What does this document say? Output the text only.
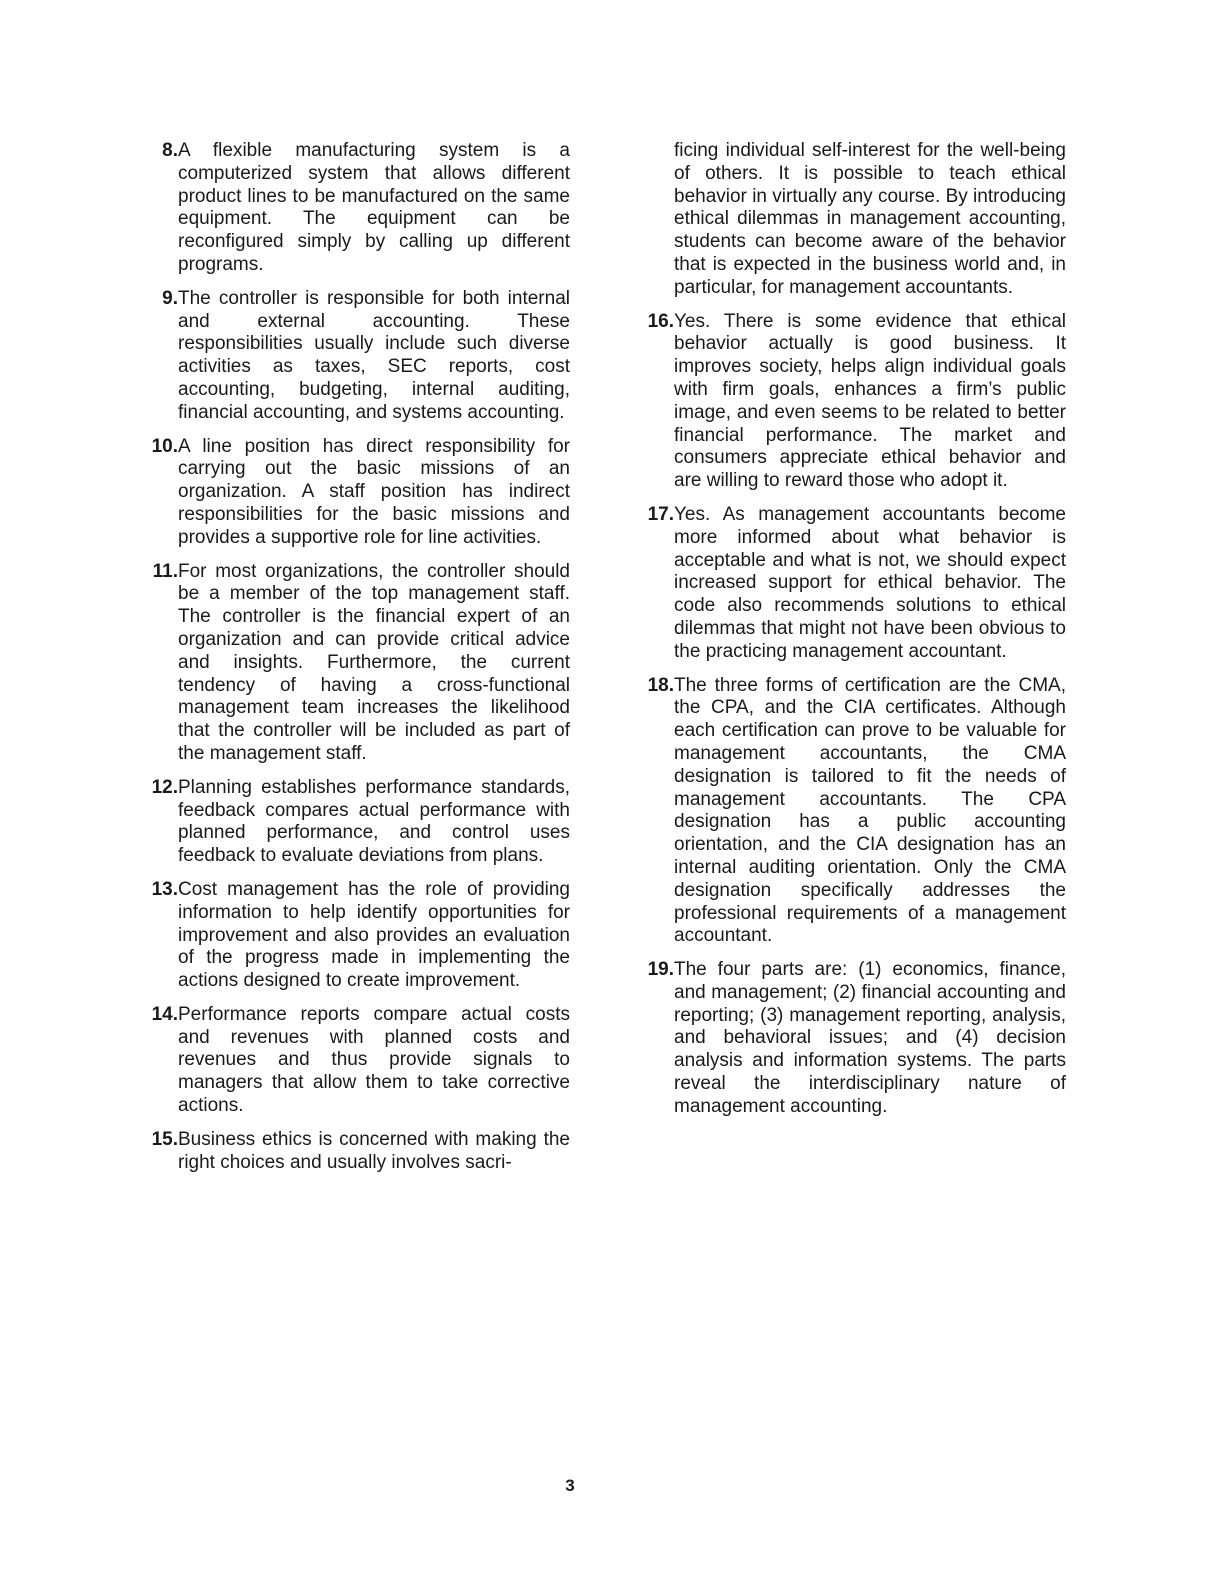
8. A flexible manufacturing system is a computerized system that allows different product lines to be manufactured on the same equipment. The equipment can be reconfigured simply by calling up different programs.
9. The controller is responsible for both internal and external accounting. These responsibilities usually include such diverse activities as taxes, SEC reports, cost accounting, budgeting, internal auditing, financial accounting, and systems accounting.
10. A line position has direct responsibility for carrying out the basic missions of an organization. A staff position has indirect responsibilities for the basic missions and provides a supportive role for line activities.
11. For most organizations, the controller should be a member of the top management staff. The controller is the financial expert of an organization and can provide critical advice and insights. Furthermore, the current tendency of having a cross-functional management team increases the likelihood that the controller will be included as part of the management staff.
12. Planning establishes performance standards, feedback compares actual performance with planned performance, and control uses feedback to evaluate deviations from plans.
13. Cost management has the role of providing information to help identify opportunities for improvement and also provides an evaluation of the progress made in implementing the actions designed to create improvement.
14. Performance reports compare actual costs and revenues with planned costs and revenues and thus provide signals to managers that allow them to take corrective actions.
15. Business ethics is concerned with making the right choices and usually involves sacri-
ficing individual self-interest for the well-being of others. It is possible to teach ethical behavior in virtually any course. By introducing ethical dilemmas in management accounting, students can become aware of the behavior that is expected in the business world and, in particular, for management accountants.
16. Yes. There is some evidence that ethical behavior actually is good business. It improves society, helps align individual goals with firm goals, enhances a firm’s public image, and even seems to be related to better financial performance. The market and consumers appreciate ethical behavior and are willing to reward those who adopt it.
17. Yes. As management accountants become more informed about what behavior is acceptable and what is not, we should expect increased support for ethical behavior. The code also recommends solutions to ethical dilemmas that might not have been obvious to the practicing management accountant.
18. The three forms of certification are the CMA, the CPA, and the CIA certificates. Although each certification can prove to be valuable for management accountants, the CMA designation is tailored to fit the needs of management accountants. The CPA designation has a public accounting orientation, and the CIA designation has an internal auditing orientation. Only the CMA designation specifically addresses the professional requirements of a management accountant.
19. The four parts are: (1) economics, finance, and management; (2) financial accounting and reporting; (3) management reporting, analysis, and behavioral issues; and (4) decision analysis and information systems. The parts reveal the interdisciplinary nature of management accounting.
3
